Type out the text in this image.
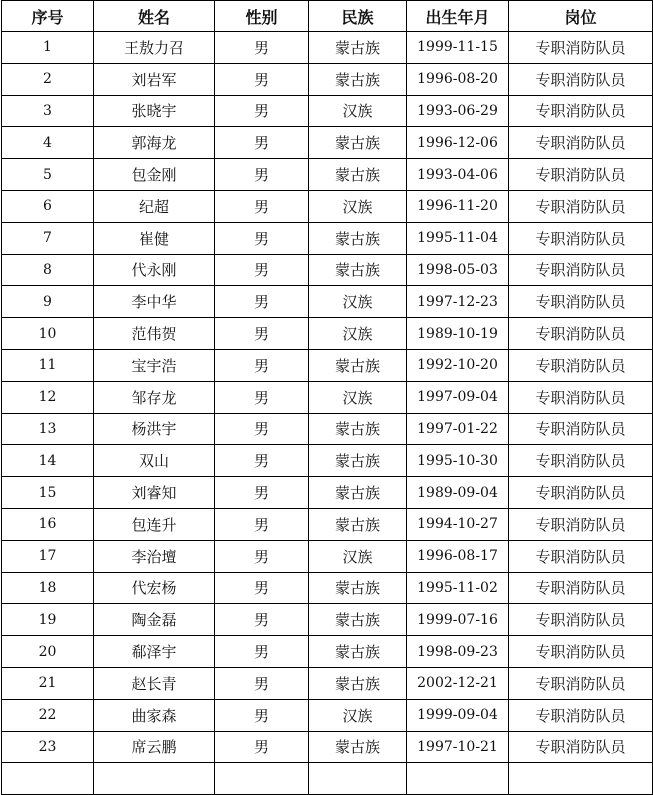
序号	姓名	性别	民族	出生年月	岗位
1	王敖力召	男	蒙古族	1999-11-15	专职消防队员
2	刘岩军	男	蒙古族	1996-08-20	专职消防队员
3	张晓宇	男	汉族	1993-06-29	专职消防队员
4	郭海龙	男	蒙古族	1996-12-06	专职消防队员
5	包金刚	男	蒙古族	1993-04-06	专职消防队员
6	纪超	男	汉族	1996-11-20	专职消防队员
7	崔健	男	蒙古族	1995-11-04	专职消防队员
8	代永刚	男	蒙古族	1998-05-03	专职消防队员
9	李中华	男	汉族	1997-12-23	专职消防队员
10	范伟贺	男	汉族	1989-10-19	专职消防队员
11	宝宇浩	男	蒙古族	1992-10-20	专职消防队员
12	邹存龙	男	汉族	1997-09-04	专职消防队员
13	杨洪宇	男	蒙古族	1997-01-22	专职消防队员
14	双山	男	蒙古族	1995-10-30	专职消防队员
15	刘睿知	男	蒙古族	1989-09-04	专职消防队员
16	包连升	男	蒙古族	1994-10-27	专职消防队员
17	李治壇	男	汉族	1996-08-17	专职消防队员
18	代宏杨	男	蒙古族	1995-11-02	专职消防队员
19	陶金磊	男	蒙古族	1999-07-16	专职消防队员
20	郗泽宇	男	蒙古族	1998-09-23	专职消防队员
21	赵长青	男	蒙古族	2002-12-21	专职消防队员
22	曲家森	男	汉族	1999-09-04	专职消防队员
23	席云鹏	男	蒙古族	1997-10-21	专职消防队员
